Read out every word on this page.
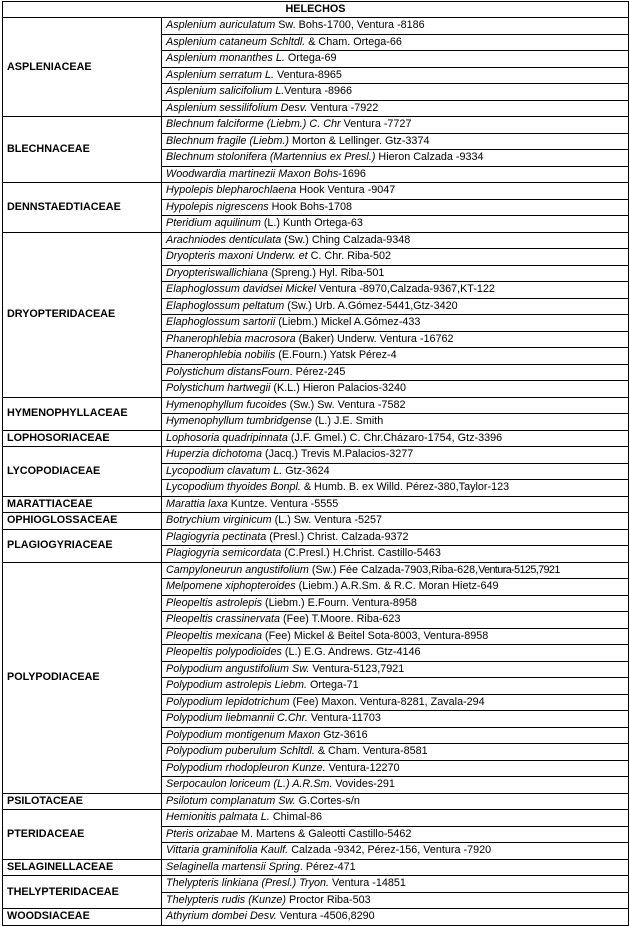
HELECHOS	
ASPLENIACEAE	Asplenium auriculatum Sw. Bohs-1700, Ventura -8186
	Asplenium cataneum Schltdl. & Cham. Ortega-66
	Asplenium monanthes L. Ortega-69
	Asplenium serratum L. Ventura-8965
	Asplenium salicifolium L.Ventura -8966
	Asplenium sessilifolium Desv. Ventura -7922
BLECHNACEAE	Blechnum falciforme (Liebm.) C. Chr Ventura -7727
	Blechnum fragile (Liebm.) Morton & Lellinger. Gtz-3374
	Blechnum stolonifera (Martennius ex Presl.) Hieron Calzada -9334
	Woodwardia martinezii Maxon Bohs-1696
DENNSTAEDTIACEAE	Hypolepis blepharochlaena Hook Ventura -9047
	Hypolepis nigrescens Hook Bohs-1708
	Pteridium aquilinum (L.) Kunth Ortega-63
DRYOPTERIDACEAE	Arachniodes denticulata (Sw.) Ching Calzada-9348
	Dryopteris maxoni Underw. et C. Chr. Riba-502
	Dryopteriswallichiana (Spreng.) Hyl. Riba-501
	Elaphoglossum davidsei Mickel Ventura -8970,Calzada-9367,KT-122
	Elaphoglossum peltatum (Sw.) Urb. A.Gómez-5441,Gtz-3420
	Elaphoglossum sartorii (Liebm.) Mickel A.Gómez-433
	Phanerophlebia macrosora (Baker) Underw. Ventura -16762
	Phanerophlebia nobilis (E.Fourn.) Yatsk Pérez-4
	Polystichum distansFourn. Pérez-245
	Polystichum hartwegii (K.L.) Hieron Palacios-3240
HYMENOPHYLLACEAE	Hymenophyllum fucoides (Sw.) Sw. Ventura -7582
	Hymenophyllum tumbridgense (L.) J.E. Smith
LOPHOSORIACEAE	Lophosoria quadripinnata (J.F. Gmel.) C. Chr.Cházaro-1754, Gtz-3396
LYCOPODIACEAE	Huperzia dichotoma (Jacq.) Trevis M.Palacios-3277
	Lycopodium clavatum L. Gtz-3624
	Lycopodium thyoides Bonpl. & Humb. B. ex Willd. Pérez-380,Taylor-123
MARATTIACEAE	Marattia laxa Kuntze. Ventura -5555
OPHIOGLOSSACEAE	Botrychium virginicum (L.) Sw. Ventura -5257
PLAGIOGYRIACEAE	Plagiogyria pectinata (Presl.) Christ. Calzada-9372
	Plagiogyria semicordata (C.Presl.) H.Christ. Castillo-5463
POLYPODIACEAE	Campyloneurun angustifolium (Sw.) Fée Calzada-7903,Riba-628,Ventura-5125,7921
	Melpomene xiphopteroides (Liebm.) A.R.Sm. & R.C. Moran Hietz-649
	Pleopeltis astrolepis (Liebm.) E.Fourn. Ventura-8958
	Pleopeltis crassinervata (Fee) T.Moore. Riba-623
	Pleopeltis mexicana (Fee) Mickel & Beitel Sota-8003, Ventura-8958
	Pleopeltis polypodioides (L.) E.G. Andrews. Gtz-4146
	Polypodium angustifolium Sw. Ventura-5123,7921
	Polypodium astrolepis Liebm. Ortega-71
	Polypodium lepidotrichum (Fee) Maxon. Ventura-8281, Zavala-294
	Polypodium liebmannii C.Chr. Ventura-11703
	Polypodium montigenum Maxon Gtz-3616
	Polypodium puberulum Schltdl. & Cham. Ventura-8581
	Polypodium rhodopleuron Kunze. Ventura-12270
	Serpocaulon loriceum (L.) A.R.Sm. Vovides-291
PSILOTACEAE	Psilotum complanatum Sw. G.Cortes-s/n
PTERIDACEAE	Hemionitis palmata L. Chimal-86
	Pteris orizabae M. Martens & Galeotti Castillo-5462
	Vittaria graminifolia Kaulf. Calzada -9342, Pérez-156, Ventura -7920
SELAGINELLACEAE	Selaginella martensii Spring. Pérez-471
THELYPTERIDACEAE	Thelypteris linkiana (Presl.) Tryon. Ventura -14851
	Thelypteris rudis (Kunze) Proctor Riba-503
WOODSIACEAE	Athyrium dombei Desv. Ventura -4506,8290
